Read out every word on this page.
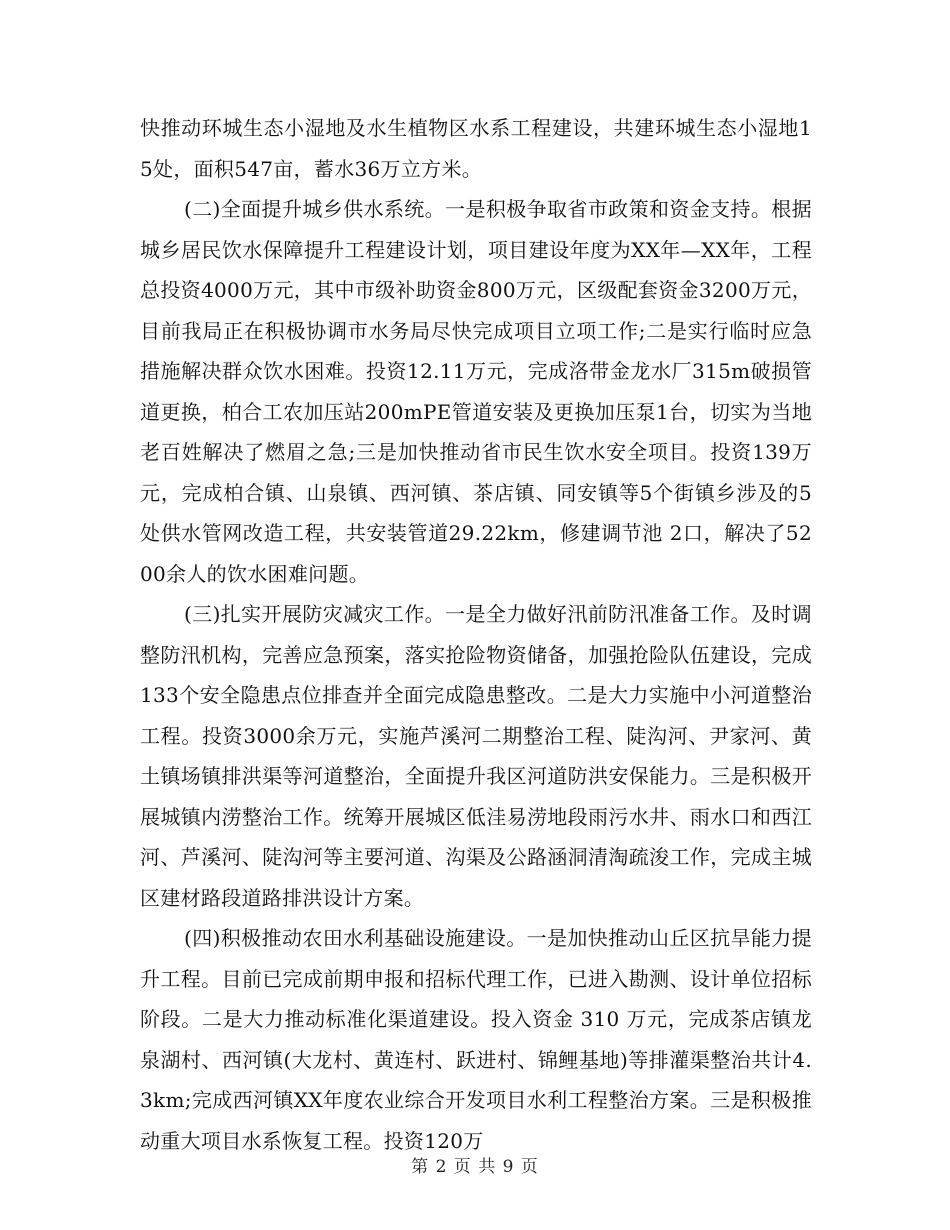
快推动环城生态小湿地及水生植物区水系工程建设，共建环城生态小湿地15处，面积547亩，蓄水36万立方米。

(二)全面提升城乡供水系统。一是积极争取省市政策和资金支持。根据城乡居民饮水保障提升工程建设计划，项目建设年度为XX年—XX年，工程总投资4000万元，其中市级补助资金800万元，区级配套资金3200万元，目前我局正在积极协调市水务局尽快完成项目立项工作;二是实行临时应急措施解决群众饮水困难。投资12.11万元，完成洛带金龙水厂315m破损管道更换，柏合工农加压站200mPE管道安装及更换加压泵1台，切实为当地老百姓解决了燃眉之急;三是加快推动省市民生饮水安全项目。投资139万元，完成柏合镇、山泉镇、西河镇、茶店镇、同安镇等5个街镇乡涉及的5处供水管网改造工程，共安装管道29.22km，修建调节池 2口，解决了5200余人的饮水困难问题。

(三)扎实开展防灾减灾工作。一是全力做好汛前防汛准备工作。及时调整防汛机构，完善应急预案，落实抢险物资储备，加强抢险队伍建设，完成133个安全隐患点位排查并全面完成隐患整改。二是大力实施中小河道整治工程。投资3000余万元，实施芦溪河二期整治工程、陡沟河、尹家河、黄土镇场镇排洪渠等河道整治，全面提升我区河道防洪安保能力。三是积极开展城镇内涝整治工作。统筹开展城区低洼易涝地段雨污水井、雨水口和西江河、芦溪河、陡沟河等主要河道、沟渠及公路涵洞清淘疏浚工作，完成主城区建材路段道路排洪设计方案。

(四)积极推动农田水利基础设施建设。一是加快推动山丘区抗旱能力提升工程。目前已完成前期申报和招标代理工作，已进入勘测、设计单位招标阶段。二是大力推动标准化渠道建设。投入资金 310 万元，完成茶店镇龙泉湖村、西河镇(大龙村、黄连村、跃进村、锦鲤基地)等排灌渠整治共计4.3km;完成西河镇XX年度农业综合开发项目水利工程整治方案。三是积极推动重大项目水系恢复工程。投资120万

第 2 页 共 9 页
